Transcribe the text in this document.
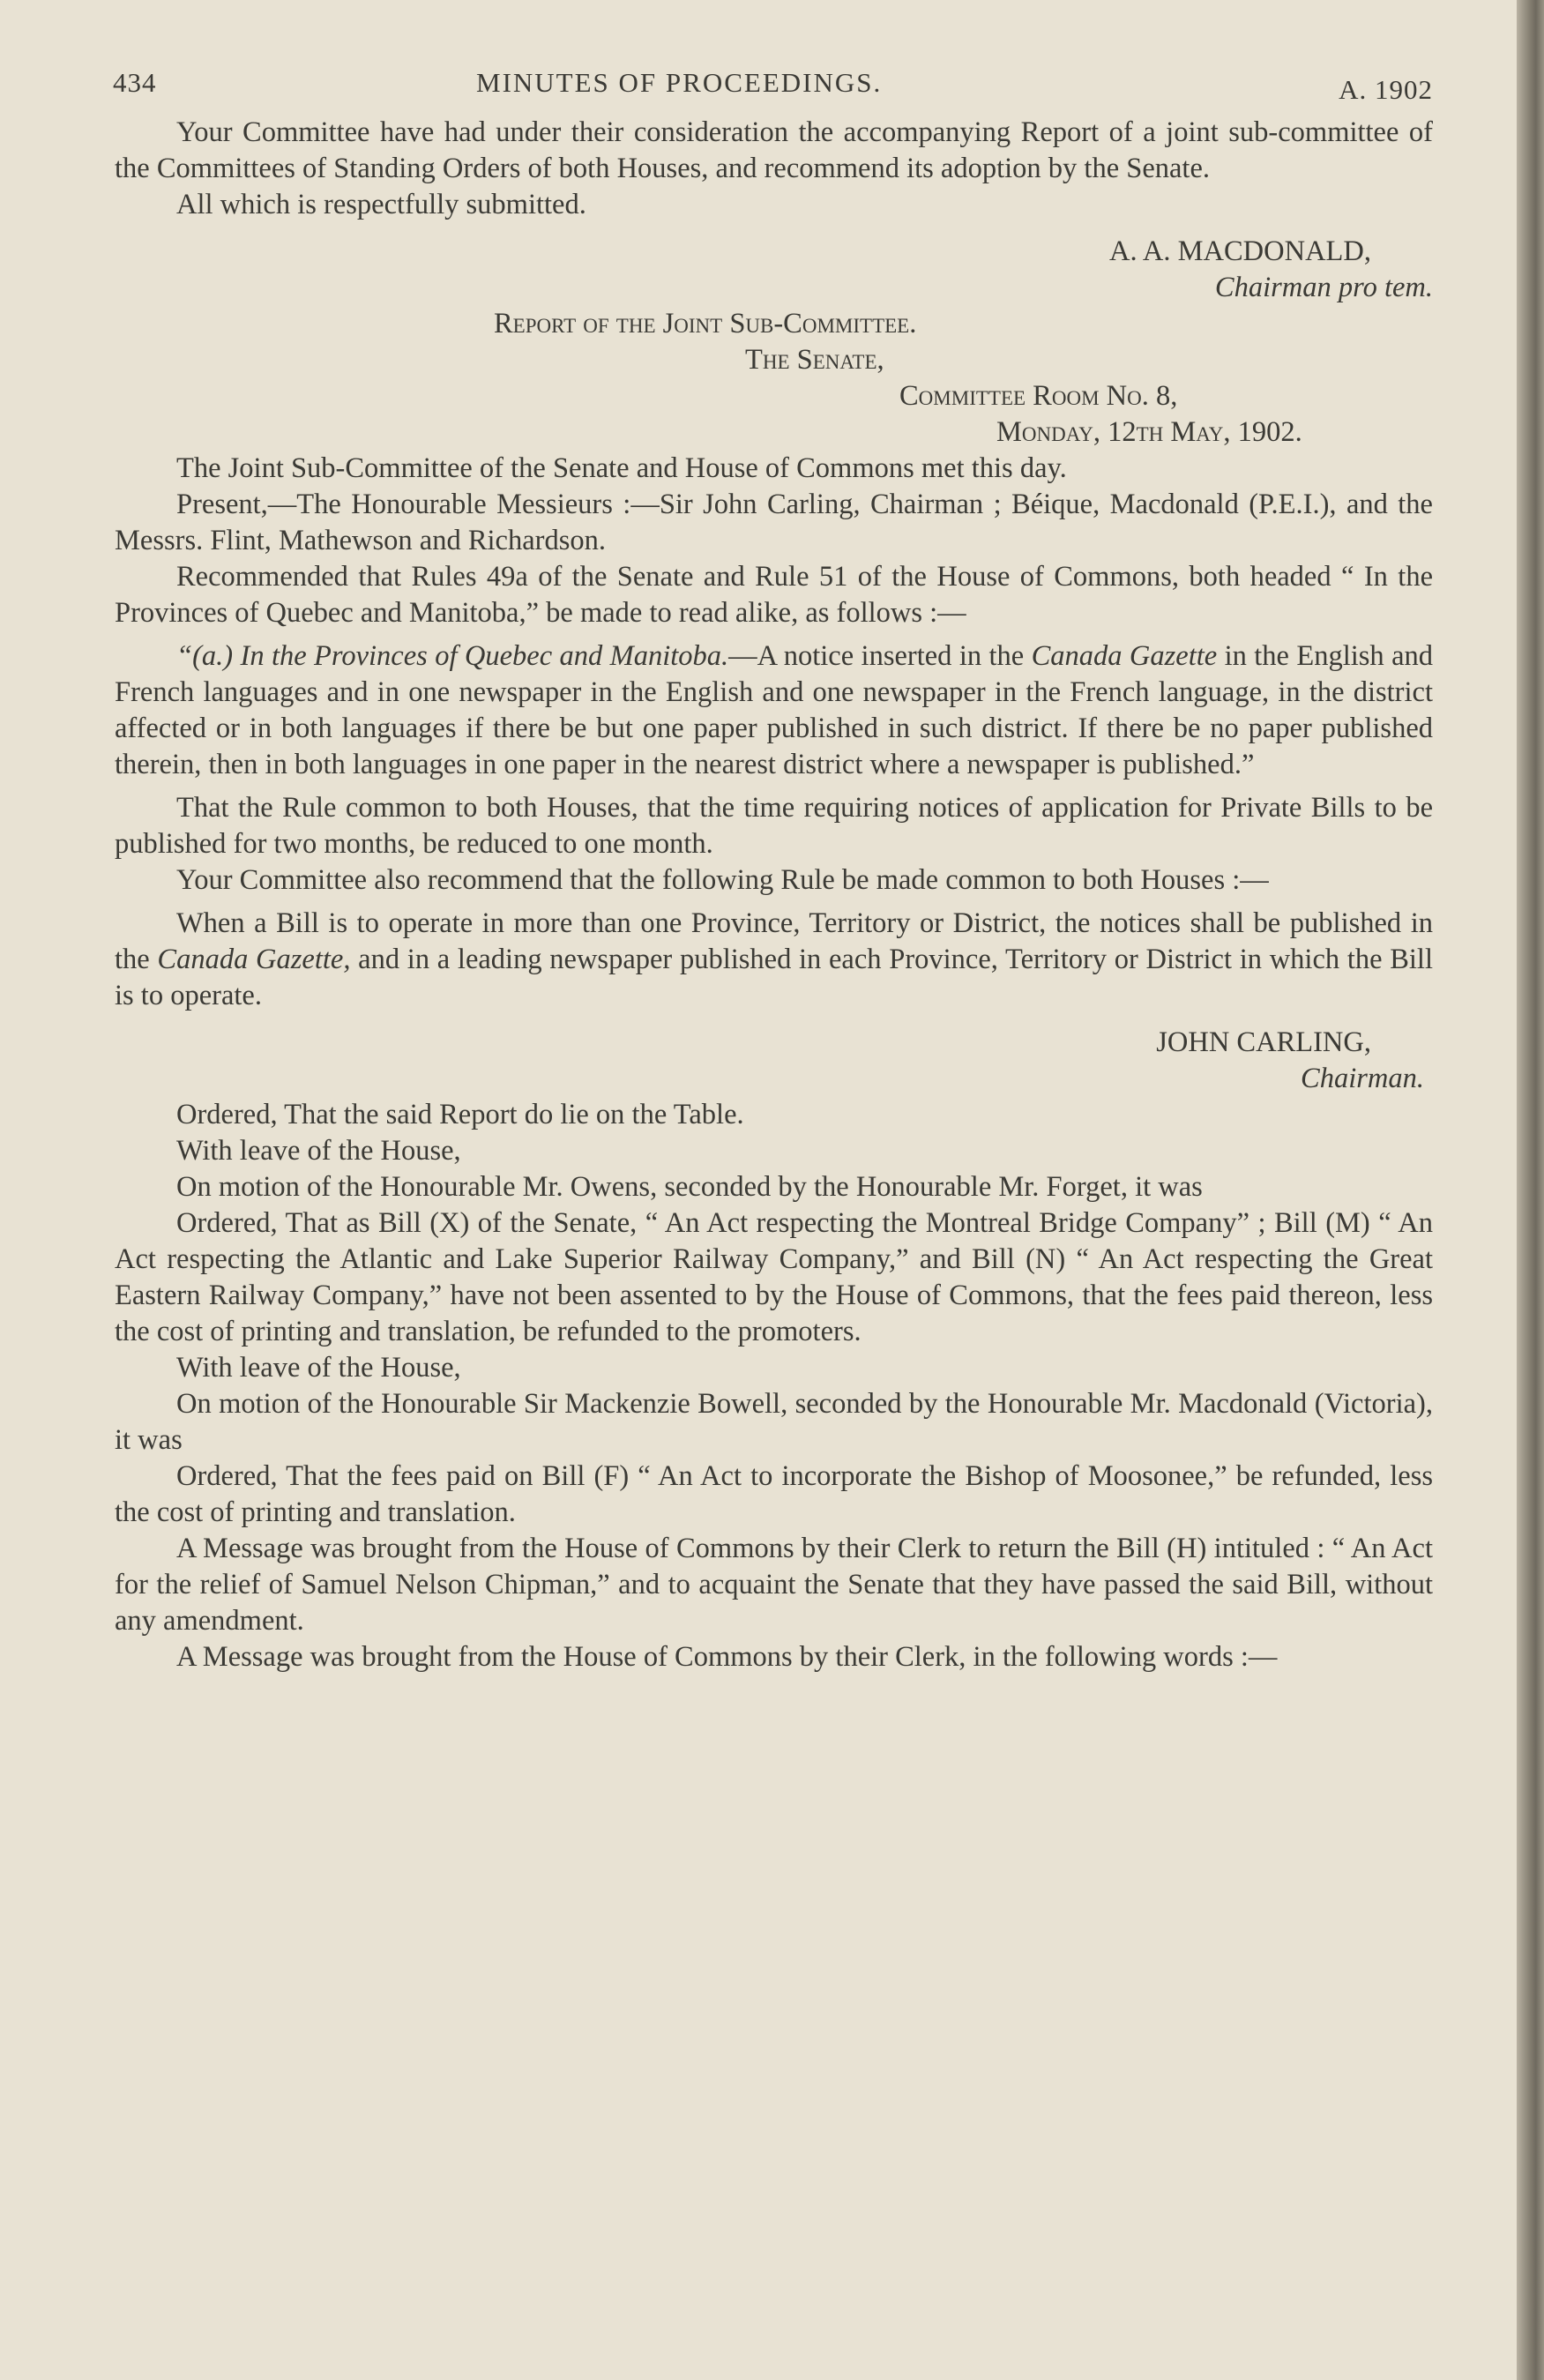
434	MINUTES OF PROCEEDINGS.	A. 1902

Your Committee have had under their consideration the accompanying Report of a joint sub-committee of the Committees of Standing Orders of both Houses, and recommend its adoption by the Senate.

All which is respectfully submitted.

A. A. MACDONALD,

Chairman pro tem.

Report of the Joint Sub-Committee.

The Senate,

Committee Room No. 8,

Monday, 12th May, 1902.

The Joint Sub-Committee of the Senate and House of Commons met this day.

Present,—The Honourable Messieurs :—Sir John Carling, Chairman ; Béique, Macdonald (P.E.I.), and the Messrs. Flint, Mathewson and Richardson.

Recommended that Rules 49a of the Senate and Rule 51 of the House of Commons, both headed “ In the Provinces of Quebec and Manitoba,” be made to read alike, as follows :—

“(a.) In the Provinces of Quebec and Manitoba.—A notice inserted in the Canada Gazette in the English and French languages and in one newspaper in the English and one newspaper in the French language, in the district affected or in both languages if there be but one paper published in such district. If there be no paper published therein, then in both languages in one paper in the nearest district where a newspaper is published.”

That the Rule common to both Houses, that the time requiring notices of application for Private Bills to be published for two months, be reduced to one month.

Your Committee also recommend that the following Rule be made common to both Houses :—

When a Bill is to operate in more than one Province, Territory or District, the notices shall be published in the Canada Gazette, and in a leading newspaper published in each Province, Territory or District in which the Bill is to operate.

JOHN CARLING,

Chairman.

Ordered, That the said Report do lie on the Table.

With leave of the House,

On motion of the Honourable Mr. Owens, seconded by the Honourable Mr. Forget, it was

Ordered, That as Bill (X) of the Senate, “ An Act respecting the Montreal Bridge Company” ; Bill (M) “ An Act respecting the Atlantic and Lake Superior Railway Company,” and Bill (N) “ An Act respecting the Great Eastern Railway Company,” have not been assented to by the House of Commons, that the fees paid thereon, less the cost of printing and translation, be refunded to the promoters.

With leave of the House,

On motion of the Honourable Sir Mackenzie Bowell, seconded by the Honourable Mr. Macdonald (Victoria), it was

Ordered, That the fees paid on Bill (F) “ An Act to incorporate the Bishop of Moosonee,” be refunded, less the cost of printing and translation.

A Message was brought from the House of Commons by their Clerk to return the Bill (H) intituled : “ An Act for the relief of Samuel Nelson Chipman,” and to acquaint the Senate that they have passed the said Bill, without any amendment.

A Message was brought from the House of Commons by their Clerk, in the following words :—
